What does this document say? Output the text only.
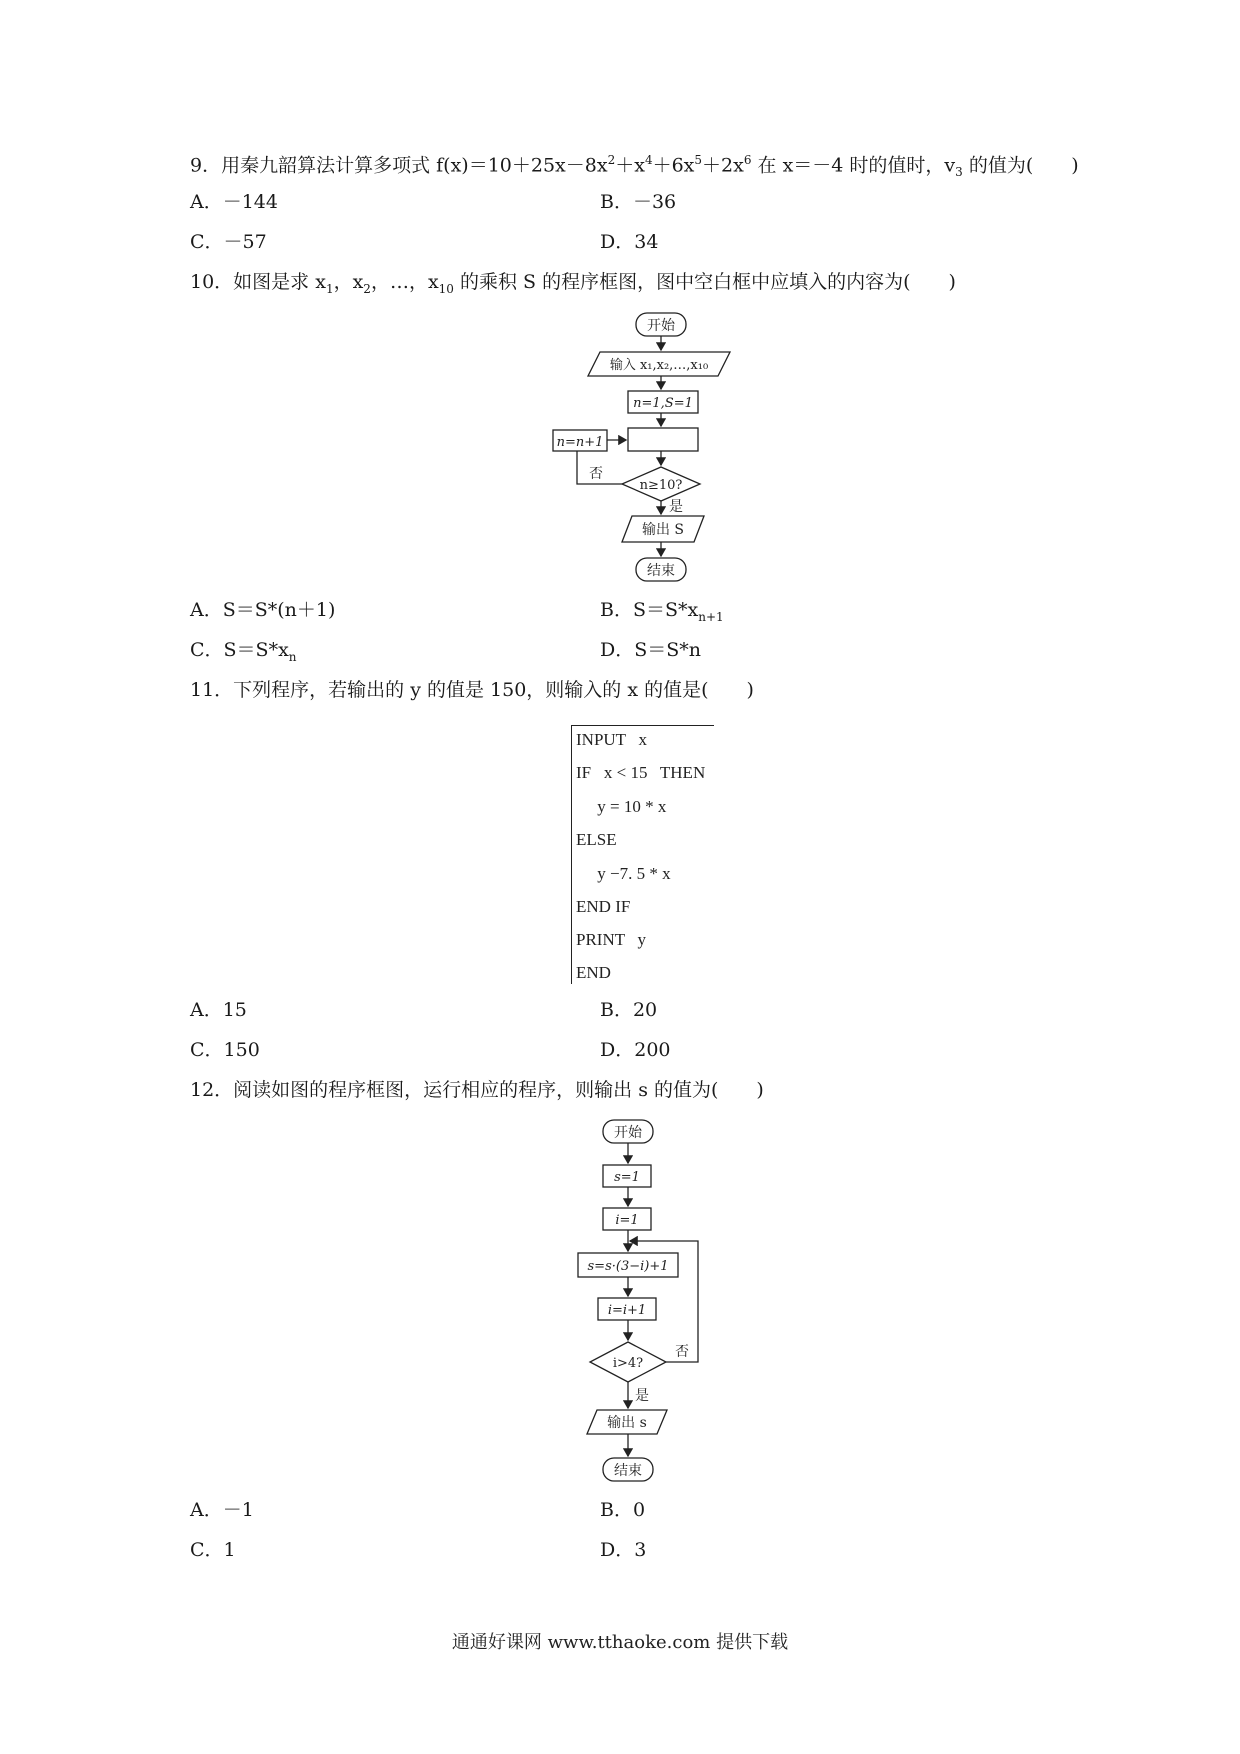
9．用秦九韶算法计算多项式 $f(x)=10+25x-8x^2+x^4+6x^5+2x^6$ 在 x＝－4 时的值时，$v_3$ 的值为(　　)
A．－144	B．－36
C．－57	D．34
10．如图是求 $x_1$，$x_2$，…，$x_{10}$ 的乘积 S 的程序框图，图中空白框中应填入的内容为(　　)
开始
输入 x₁,x₂,…,x₁₀
n=1,S=1
n=n+1
n≥10?
否
是
输出 S
结束
A．S＝S*(n＋1)	B．$S=S*x_{n+1}$
C．$S=S*x_n$	D．S＝S*n
11．下列程序，若输出的 y 的值是 150，则输入的 x 的值是(　　)
INPUT   x
IF   x < 15   THEN
y = 10 * x
ELSE
y −7. 5 * x
END IF
PRINT   y
END
A．15	B．20
C．150	D．200
12．阅读如图的程序框图，运行相应的程序，则输出 s 的值为(　　)
开始
s=1
i=1
s=s·(3−i)+1
i=i+1
i>4?
否
是
输出 s
结束
A．－1	B．0
C．1	D．3
通通好课网 www.tthaoke.com 提供下载
